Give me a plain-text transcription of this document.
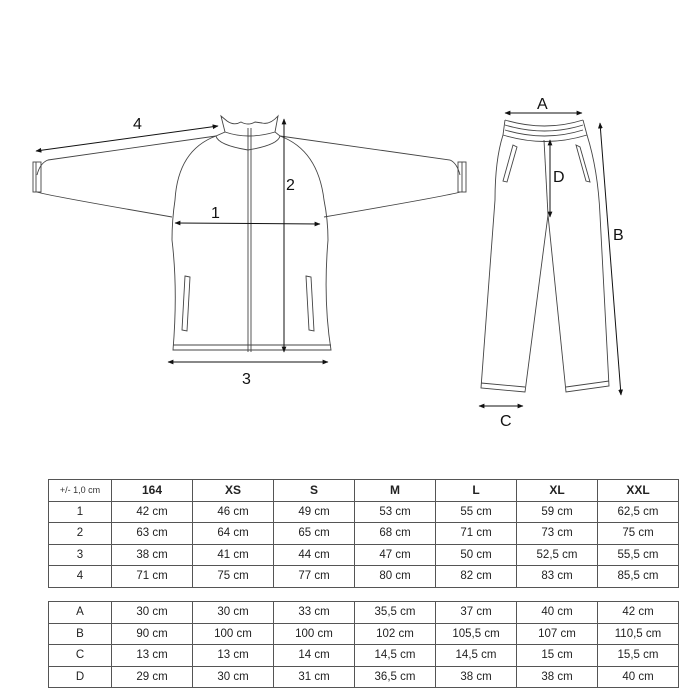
4
2
1
3
A
B
C
D
+/- 1,0 cm	164	XS	S	M	L	XL	XXL
1	42 cm	46 cm	49 cm	53 cm	55 cm	59 cm	62,5 cm
2	63 cm	64 cm	65 cm	68 cm	71 cm	73 cm	75 cm
3	38 cm	41 cm	44 cm	47 cm	50 cm	52,5 cm	55,5 cm
4	71 cm	75 cm	77 cm	80 cm	82 cm	83 cm	85,5 cm
A	30 cm	30 cm	33 cm	35,5 cm	37 cm	40 cm	42 cm
B	90 cm	100 cm	100 cm	102 cm	105,5 cm	107 cm	110,5 cm
C	13 cm	13 cm	14 cm	14,5 cm	14,5 cm	15 cm	15,5 cm
D	29 cm	30 cm	31 cm	36,5 cm	38 cm	38 cm	40 cm
